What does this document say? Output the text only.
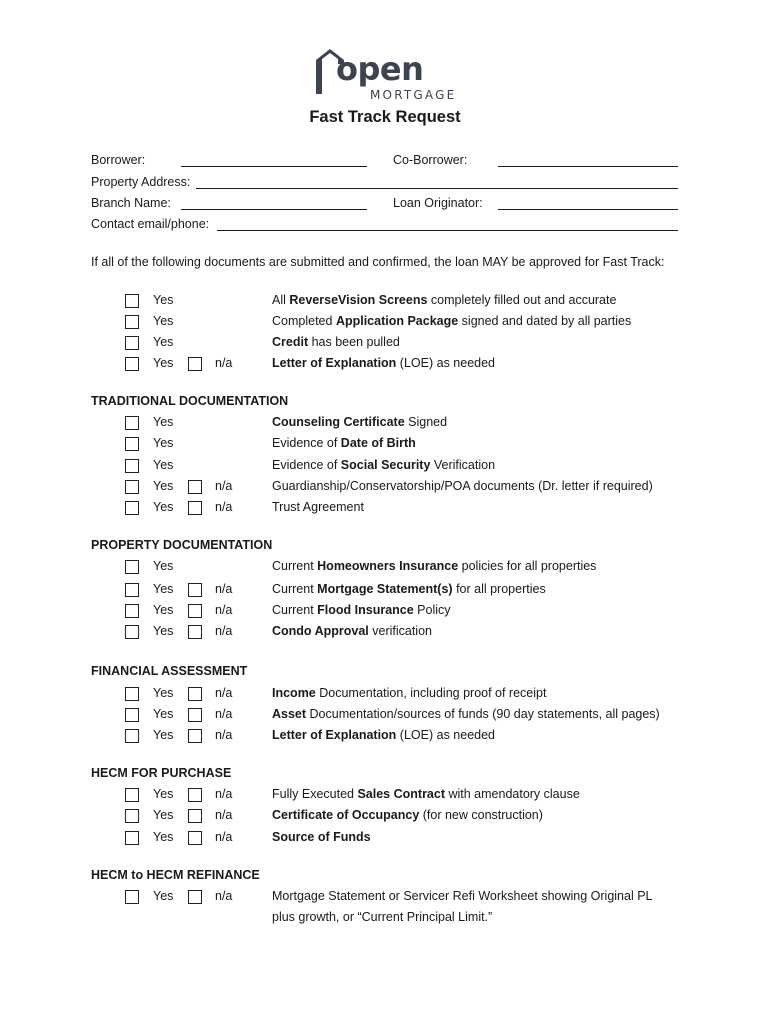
open
MORTGAGE
Fast Track Request
Borrower:	Co-Borrower:
Property Address:
Branch Name:	Loan Originator:
Contact email/phone:
If all of the following documents are submitted and confirmed, the loan MAY be approved for Fast Track:
Yes	All ReverseVision Screens completely filled out and accurate
Yes	Completed Application Package signed and dated by all parties
Yes	Credit has been pulled
Yes	n/a	Letter of Explanation (LOE) as needed
TRADITIONAL DOCUMENTATION
Yes	Counseling Certificate Signed
Yes	Evidence of Date of Birth
Yes	Evidence of Social Security Verification
Yes	n/a	Guardianship/Conservatorship/POA documents (Dr. letter if required)
Yes	n/a	Trust Agreement
PROPERTY DOCUMENTATION
Yes	Current Homeowners Insurance policies for all properties
Yes	n/a	Current Mortgage Statement(s) for all properties
Yes	n/a	Current Flood Insurance Policy
Yes	n/a	Condo Approval verification
FINANCIAL ASSESSMENT
Yes	n/a	Income Documentation, including proof of receipt
Yes	n/a	Asset Documentation/sources of funds (90 day statements, all pages)
Yes	n/a	Letter of Explanation (LOE) as needed
HECM FOR PURCHASE
Yes	n/a	Fully Executed Sales Contract with amendatory clause
Yes	n/a	Certificate of Occupancy (for new construction)
Yes	n/a	Source of Funds
HECM to HECM REFINANCE
Yes	n/a	Mortgage Statement or Servicer Refi Worksheet showing Original PL
plus growth, or “Current Principal Limit.”
